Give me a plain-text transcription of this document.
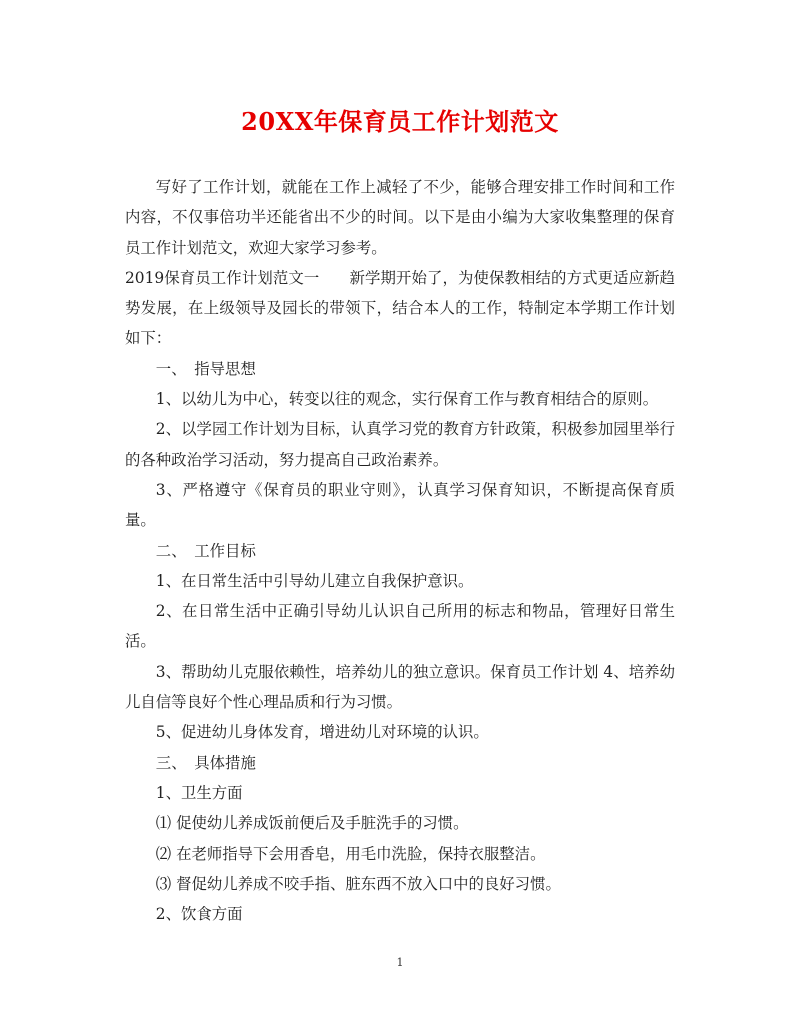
20XX年保育员工作计划范文

写好了工作计划，就能在工作上减轻了不少，能够合理安排工作时间和工作内容，不仅事倍功半还能省出不少的时间。以下是由小编为大家收集整理的保育员工作计划范文，欢迎大家学习参考。

2019保育员工作计划范文一 新学期开始了，为使保教相结的方式更适应新趋势发展，在上级领导及园长的带领下，结合本人的工作，特制定本学期工作计划如下：

一、　指导思想

1、以幼儿为中心，转变以往的观念，实行保育工作与教育相结合的原则。

2、以学园工作计划为目标，认真学习党的教育方针政策，积极参加园里举行的各种政治学习活动，努力提高自己政治素养。

3、严格遵守《保育员的职业守则》，认真学习保育知识，不断提高保育质量。

二、　工作目标

1、在日常生活中引导幼儿建立自我保护意识。

2、在日常生活中正确引导幼儿认识自己所用的标志和物品，管理好日常生活。

3、帮助幼儿克服依赖性，培养幼儿的独立意识。保育员工作计划 4、培养幼儿自信等良好个性心理品质和行为习惯。

5、促进幼儿身体发育，增进幼儿对环境的认识。

三、　具体措施

1、卫生方面

⑴ 促使幼儿养成饭前便后及手脏洗手的习惯。

⑵ 在老师指导下会用香皂，用毛巾洗脸，保持衣服整洁。

⑶ 督促幼儿养成不咬手指、脏东西不放入口中的良好习惯。

2、饮食方面

1
